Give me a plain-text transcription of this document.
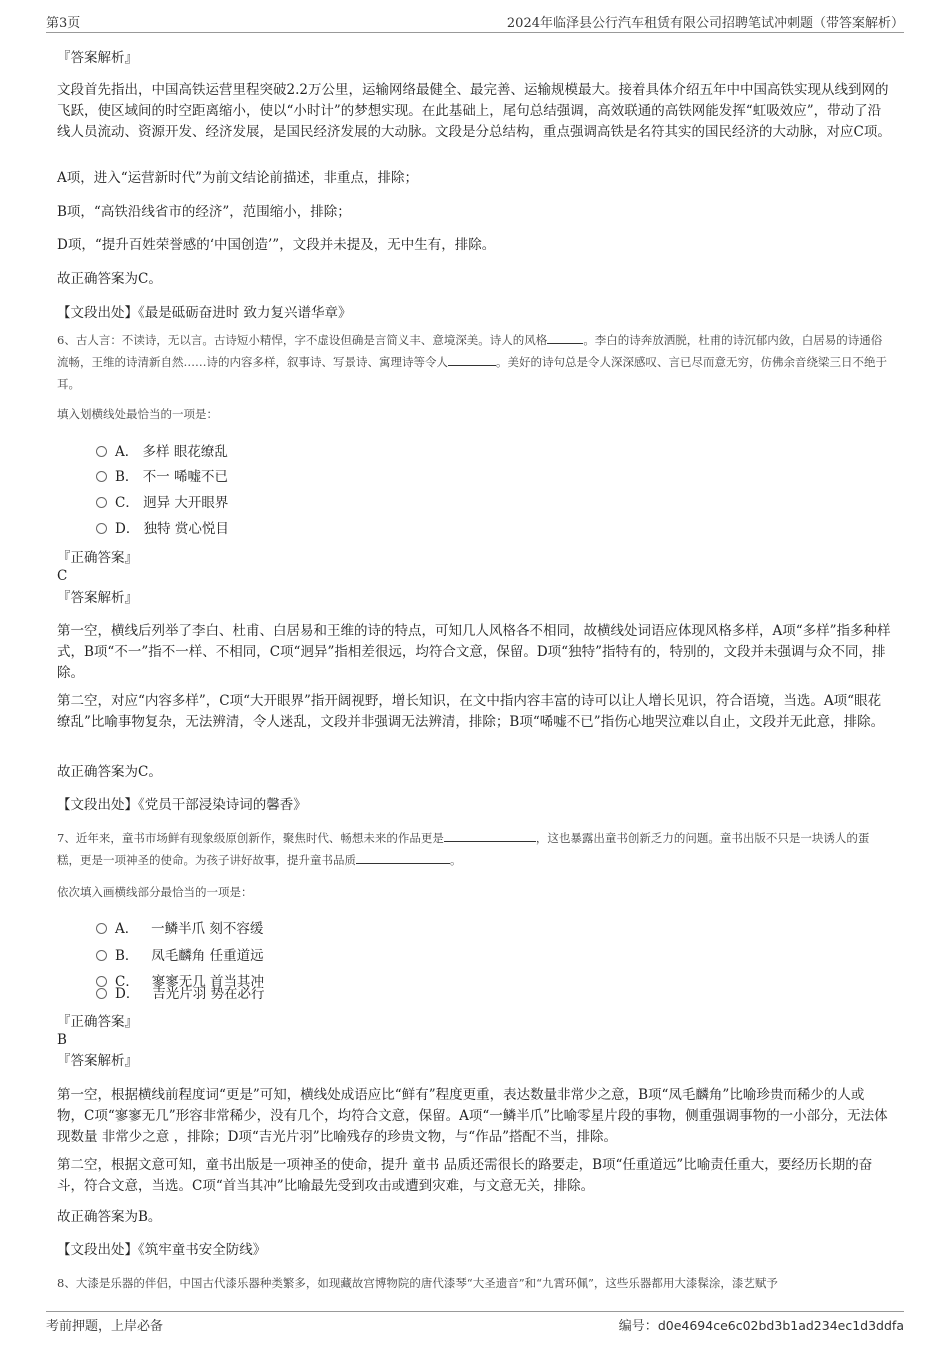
第3页	2024年临泽县公行汽车租赁有限公司招聘笔试冲刺题（带答案解析）
『答案解析』

文段首先指出，中国高铁运营里程突破2.2万公里，运输网络最健全、最完善、运输规模最大。接着具体介绍五年中中国高铁实现从线到网的飞跃，使区域间的时空距离缩小，使以“小时计”的梦想实现。在此基础上，尾句总结强调，高效联通的高铁网能发挥“虹吸效应”，带动了沿线人员流动、资源开发、经济发展，是国民经济发展的大动脉。文段是分总结构，重点强调高铁是名符其实的国民经济的大动脉，对应C项。

A项，进入“运营新时代”为前文结论前描述，非重点，排除；
B项，“高铁沿线省市的经济”，范围缩小，排除；
D项，“提升百姓荣誉感的‘中国创造’”，文段并未提及，无中生有，排除。
故正确答案为C。
【文段出处】《最是砥砺奋进时 致力复兴谱华章》
6、古人言：不读诗，无以言。古诗短小精悍，字不虚设但确是言简义丰、意境深美。诗人的风格	。李白的诗奔放洒脱，杜甫的诗沉郁内敛，白居易的诗通俗流畅，王维的诗清新自然……诗的内容多样，叙事诗、写景诗、寓理诗等令人	。美好的诗句总是令人深深感叹、言已尽而意无穷，仿佛余音绕梁三日不绝于耳。
填入划横线处最恰当的一项是：
A． 多样 眼花缭乱
B． 不一 唏嘘不已
C． 迥异 大开眼界
D． 独特 赏心悦目
『正确答案』
C
『答案解析』
第一空，横线后列举了李白、杜甫、白居易和王维的诗的特点，可知几人风格各不相同，故横线处词语应体现风格多样，A项“多样”指多种样式，B项“不一”指不一样、不相同，C项“迥异”指相差很远，均符合文意，保留。D项“独特”指特有的，特别的，文段并未强调与众不同，排除。
第二空，对应“内容多样”，C项“大开眼界”指开阔视野，增长知识，在文中指内容丰富的诗可以让人增长见识，符合语境，当选。A项“眼花缭乱”比喻事物复杂，无法辨清，令人迷乱，文段并非强调无法辨清，排除；B项“唏嘘不已”指伤心地哭泣难以自止，文段并无此意，排除。
故正确答案为C。
【文段出处】《党员干部浸染诗词的馨香》
7、近年来，童书市场鲜有现象级原创新作，聚焦时代、畅想未来的作品更是	，这也暴露出童书创新乏力的问题。童书出版不只是一块诱人的蛋糕，更是一项神圣的使命。为孩子讲好故事，提升童书品质	。
依次填入画横线部分最恰当的一项是：
A． 一鳞半爪 刻不容缓
B． 凤毛麟角 任重道远
C． 寥寥无几 首当其冲
D． 吉光片羽 势在必行
『正确答案』
B
『答案解析』
第一空，根据横线前程度词“更是”可知，横线处成语应比“鲜有”程度更重，表达数量非常少之意，B项“凤毛麟角”比喻珍贵而稀少的人或物，C项“寥寥无几”形容非常稀少，没有几个，均符合文意，保留。A项“一鳞半爪”比喻零星片段的事物，侧重强调事物的一小部分，无法体现数量 非常少之意 ，排除；D项“吉光片羽”比喻残存的珍贵文物，与“作品”搭配不当，排除。
第二空，根据文意可知，童书出版是一项神圣的使命，提升 童书 品质还需很长的路要走，B项“任重道远”比喻责任重大，要经历长期的奋斗，符合文意，当选。C项“首当其冲”比喻最先受到攻击或遭到灾难，与文意无关，排除。
故正确答案为B。
【文段出处】《筑牢童书安全防线》
8、大漆是乐器的伴侣，中国古代漆乐器种类繁多，如现藏故宫博物院的唐代漆琴“大圣遗音”和“九霄环佩”，这些乐器都用大漆髹涂，漆艺赋予
考前押题，上岸必备	编号：d0e4694ce6c02bd3b1ad234ec1d3ddfa
